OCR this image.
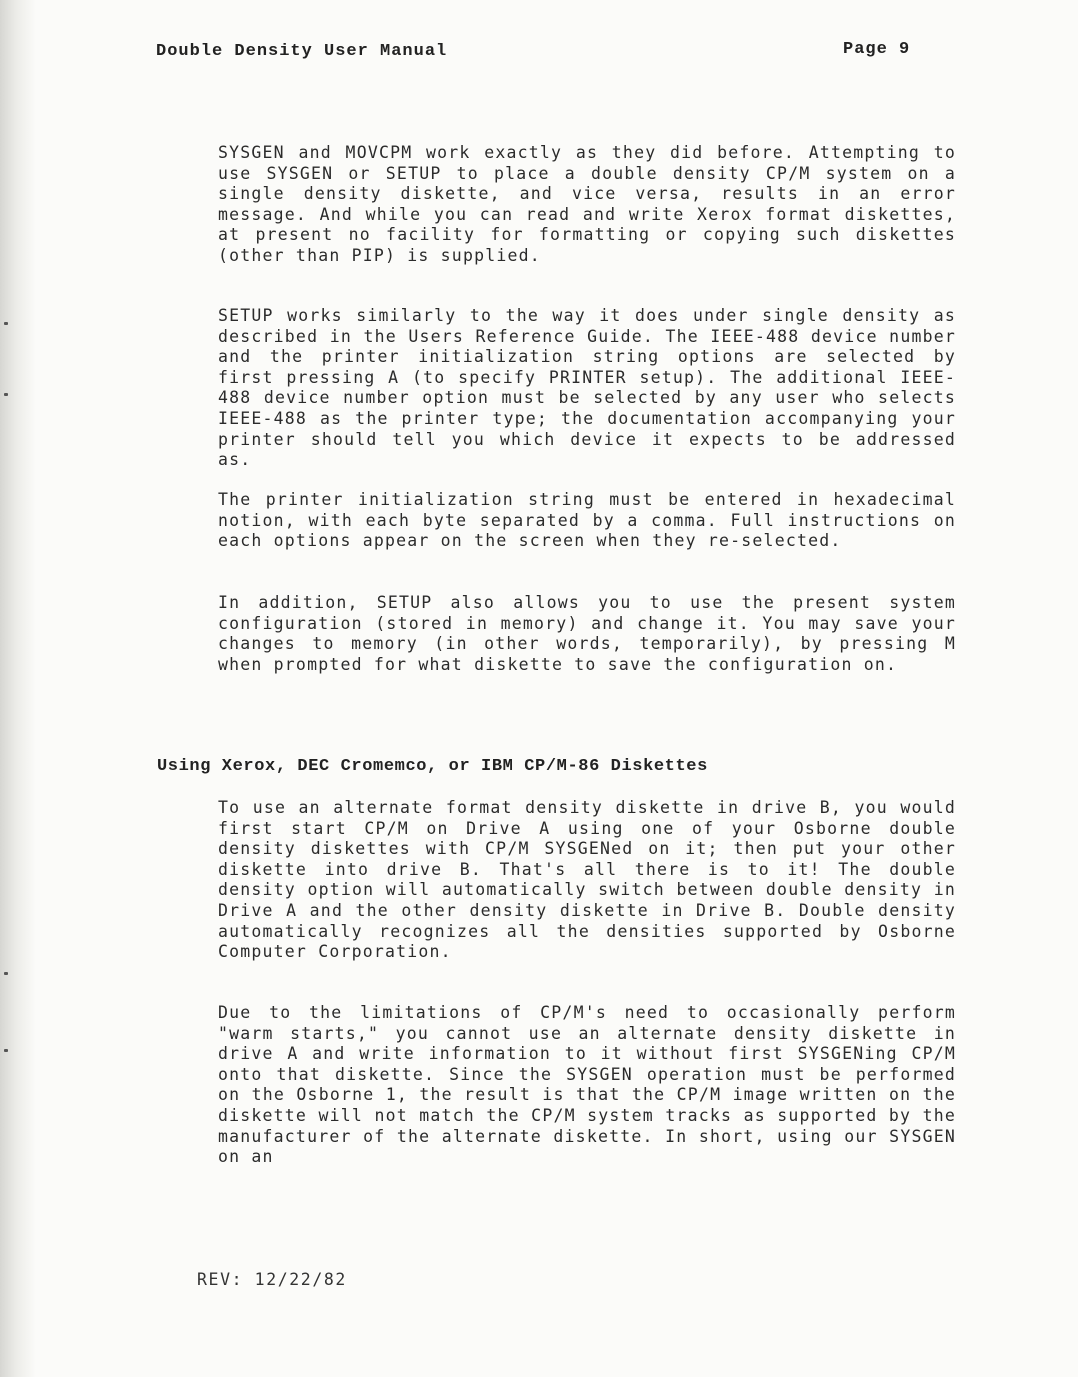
Double Density User Manual	Page 9

SYSGEN and MOVCPM work exactly as they did before. Attempting to use SYSGEN or SETUP to place a double density CP/M system on a single density diskette, and vice versa, results in an error message. And while you can read and write Xerox format diskettes, at present no facility for formatting or copying such diskettes (other than PIP) is supplied.

SETUP works similarly to the way it does under single density as described in the Users Reference Guide. The IEEE-488 device number and the printer initialization string options are selected by first pressing A (to specify PRINTER setup). The additional IEEE-488 device number option must be selected by any user who selects IEEE-488 as the printer type; the documentation accompanying your printer should tell you which device it expects to be addressed as.

The printer initialization string must be entered in hexadecimal notion, with each byte separated by a comma. Full instructions on each options appear on the screen when they re-selected.

In addition, SETUP also allows you to use the present system configuration (stored in memory) and change it. You may save your changes to memory (in other words, temporarily), by pressing M when prompted for what diskette to save the configuration on.

Using Xerox, DEC Cromemco, or IBM CP/M-86 Diskettes

To use an alternate format density diskette in drive B, you would first start CP/M on Drive A using one of your Osborne double density diskettes with CP/M SYSGENed on it; then put your other diskette into drive B. That's all there is to it! The double density option will automatically switch between double density in Drive A and the other density diskette in Drive B. Double density automatically recognizes all the densities supported by Osborne Computer Corporation.

Due to the limitations of CP/M's need to occasionally perform "warm starts," you cannot use an alternate density diskette in drive A and write information to it without first SYSGENing CP/M onto that diskette. Since the SYSGEN operation must be performed on the Osborne 1, the result is that the CP/M image written on the diskette will not match the CP/M system tracks as supported by the manufacturer of the alternate diskette. In short, using our SYSGEN on an

REV: 12/22/82
